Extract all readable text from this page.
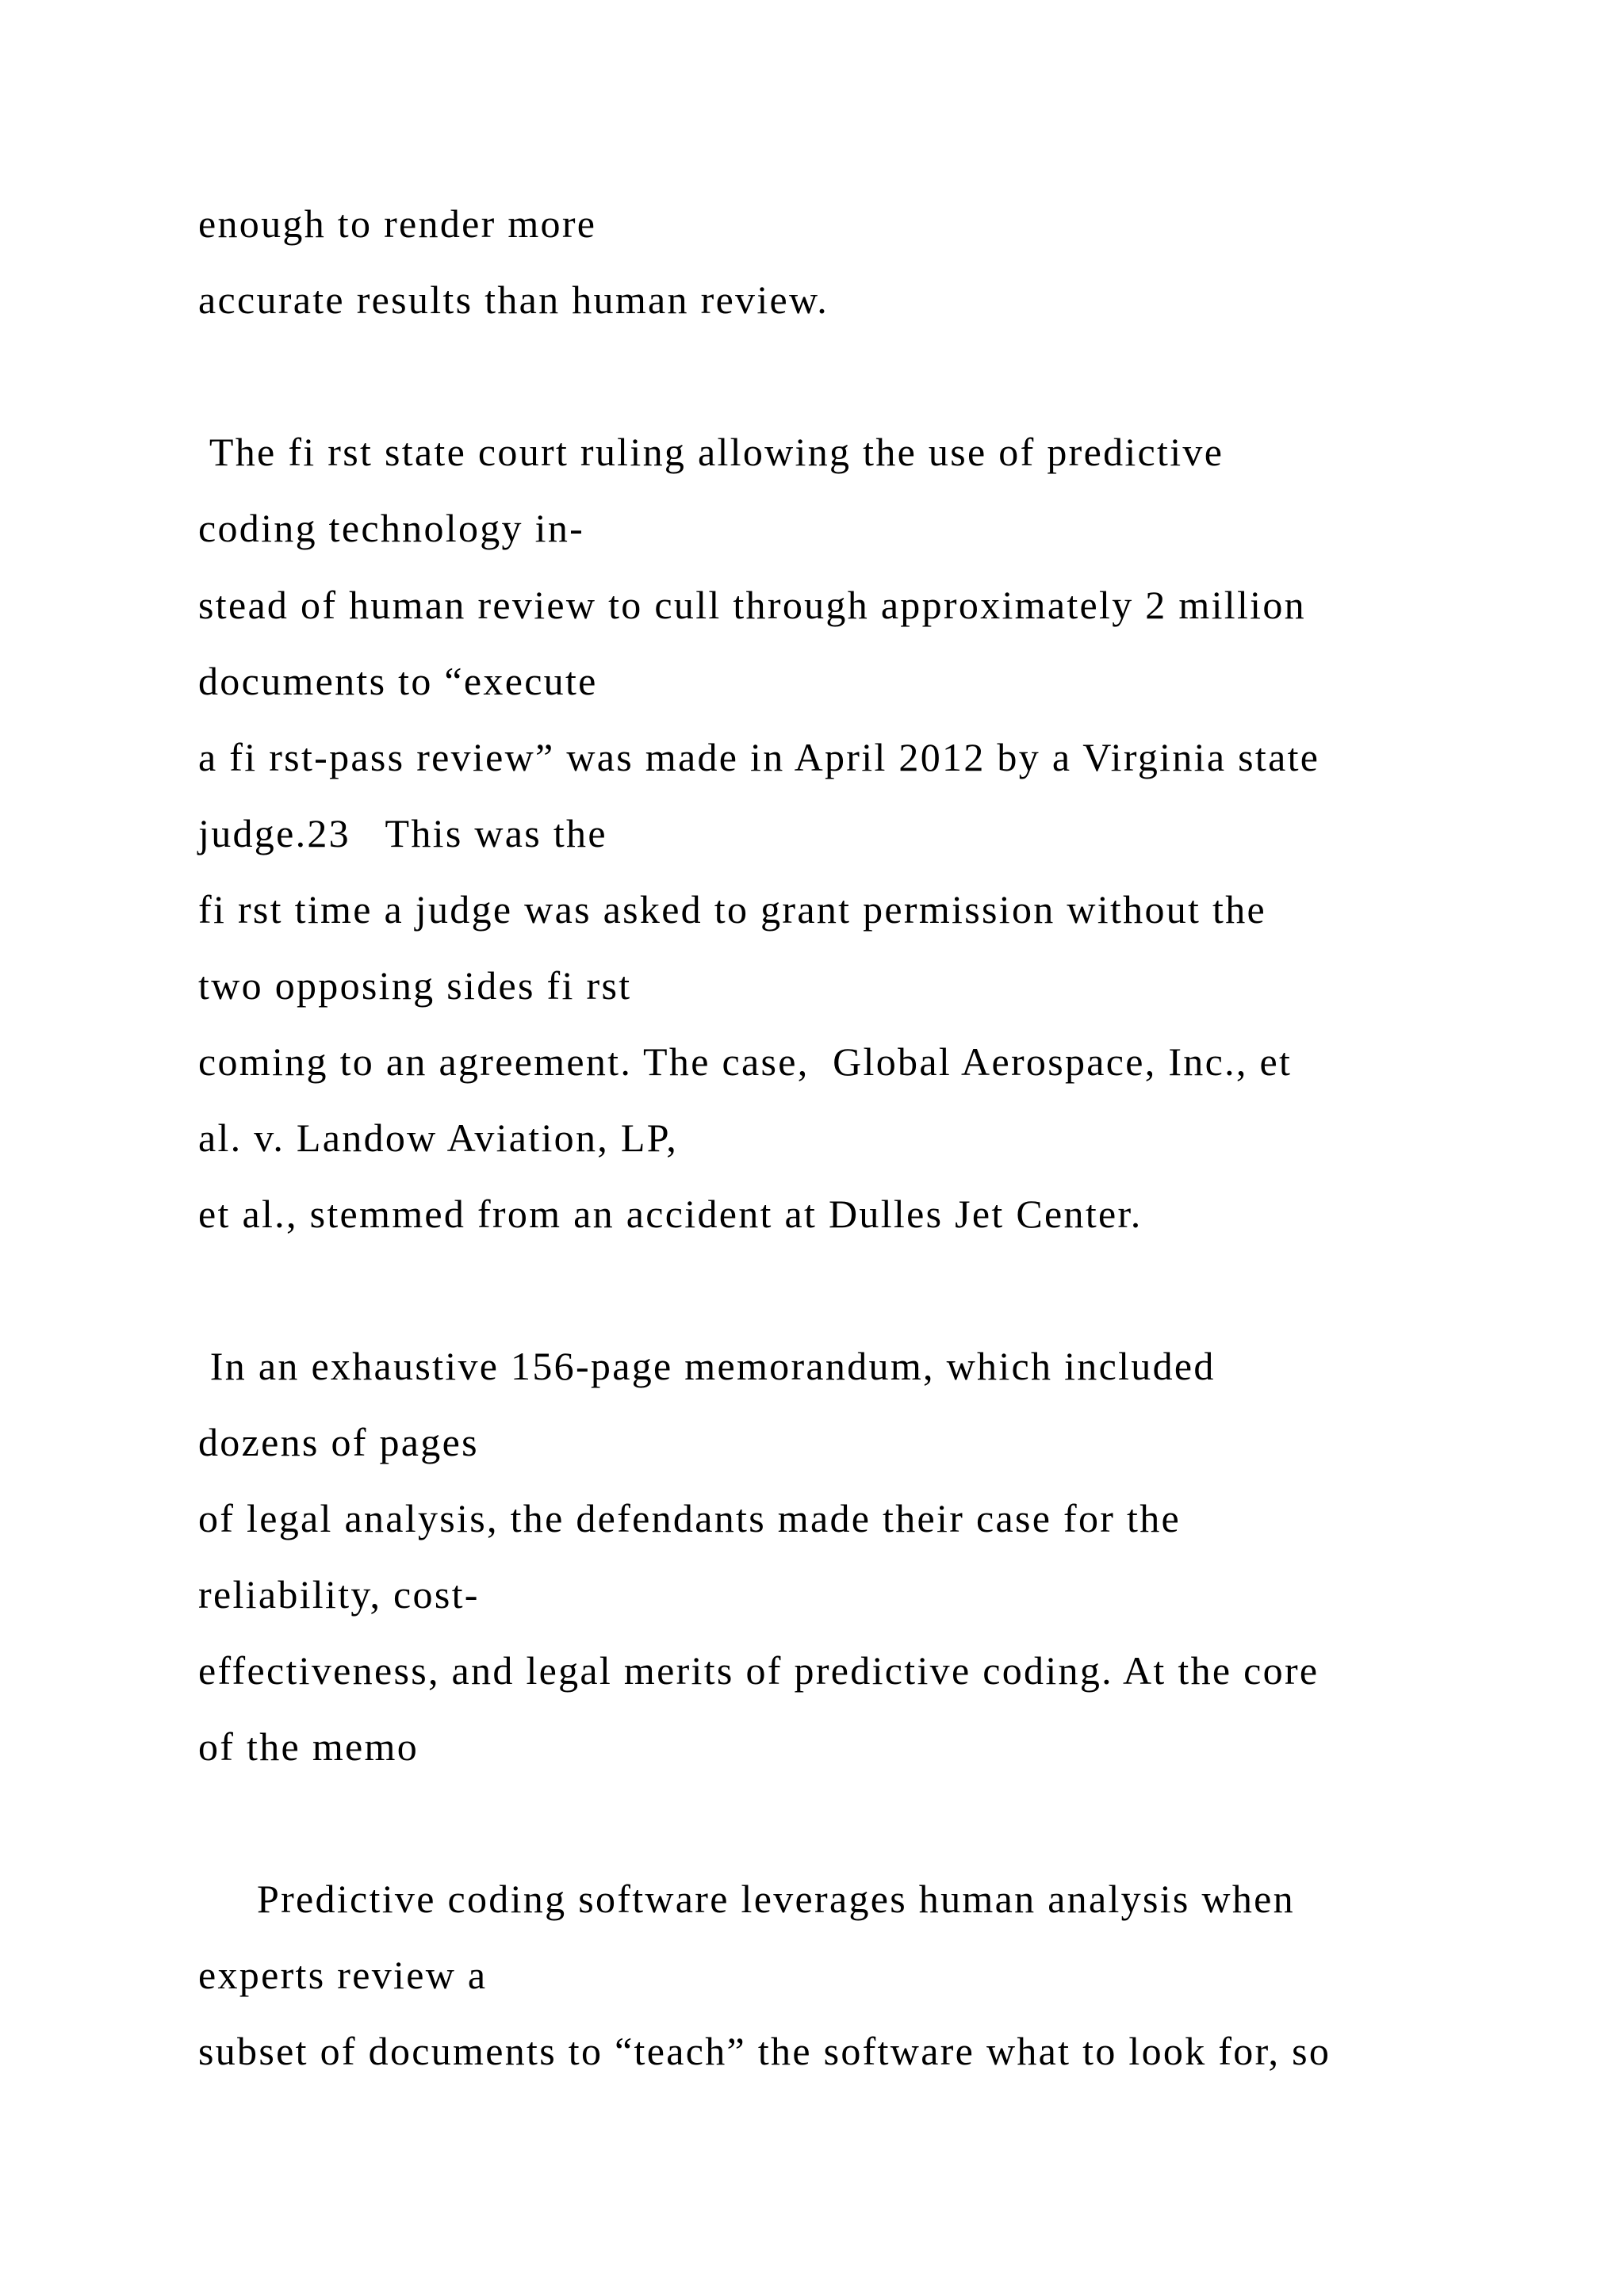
enough to render more

accurate results than human review.

The fi rst state court ruling allowing the use of predictive

coding technology in-

stead of human review to cull through approximately 2 million

documents to “execute

a fi rst-pass review” was made in April 2012 by a Virginia state

judge.23   This was the

fi rst time a judge was asked to grant permission without the

two opposing sides fi rst

coming to an agreement. The case,  Global Aerospace, Inc., et

al. v. Landow Aviation, LP,

et al., stemmed from an accident at Dulles Jet Center.

In an exhaustive 156-page memorandum, which included

dozens of pages

of legal analysis, the defendants made their case for the

reliability, cost-

effectiveness, and legal merits of predictive coding. At the core

of the memo

Predictive coding software leverages human analysis when

experts review a

subset of documents to “teach” the software what to look for, so
